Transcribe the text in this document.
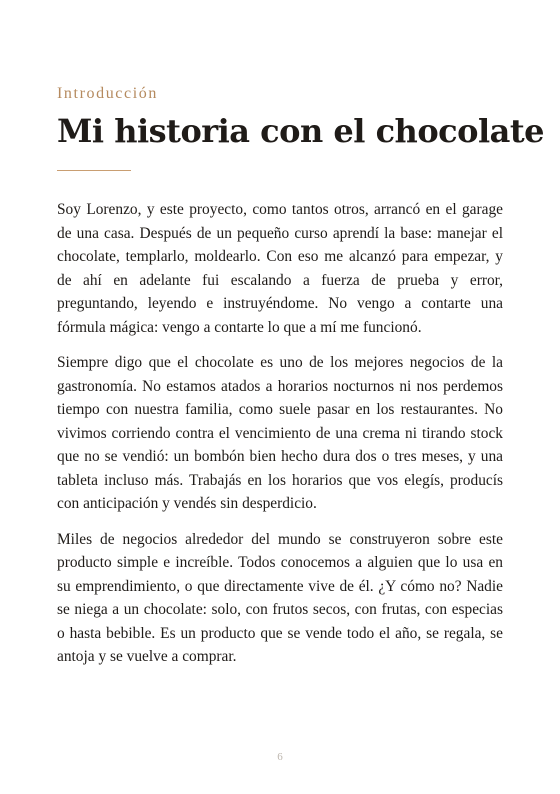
Introducción
Mi historia con el chocolate

Soy Lorenzo, y este proyecto, como tantos otros, arrancó en el garage de una casa. Después de un pequeño curso aprendí la base: manejar el chocolate, templarlo, moldearlo. Con eso me alcanzó para empezar, y de ahí en adelante fui escalando a fuerza de prueba y error, preguntando, leyendo e instruyéndome. No vengo a contarte una fórmula mágica: vengo a contarte lo que a mí me funcionó.

Siempre digo que el chocolate es uno de los mejores negocios de la gastronomía. No estamos atados a horarios nocturnos ni nos perdemos tiempo con nuestra familia, como suele pasar en los restaurantes. No vivimos corriendo contra el vencimiento de una crema ni tirando stock que no se vendió: un bombón bien hecho dura dos o tres meses, y una tableta incluso más. Trabajás en los horarios que vos elegís, producís con anticipación y vendés sin desperdicio.

Miles de negocios alrededor del mundo se construyeron sobre este producto simple e increíble. Todos conocemos a alguien que lo usa en su emprendimiento, o que directamente vive de él. ¿Y cómo no? Nadie se niega a un chocolate: solo, con frutos secos, con frutas, con especias o hasta bebible. Es un producto que se vende todo el año, se regala, se antoja y se vuelve a comprar.

6
